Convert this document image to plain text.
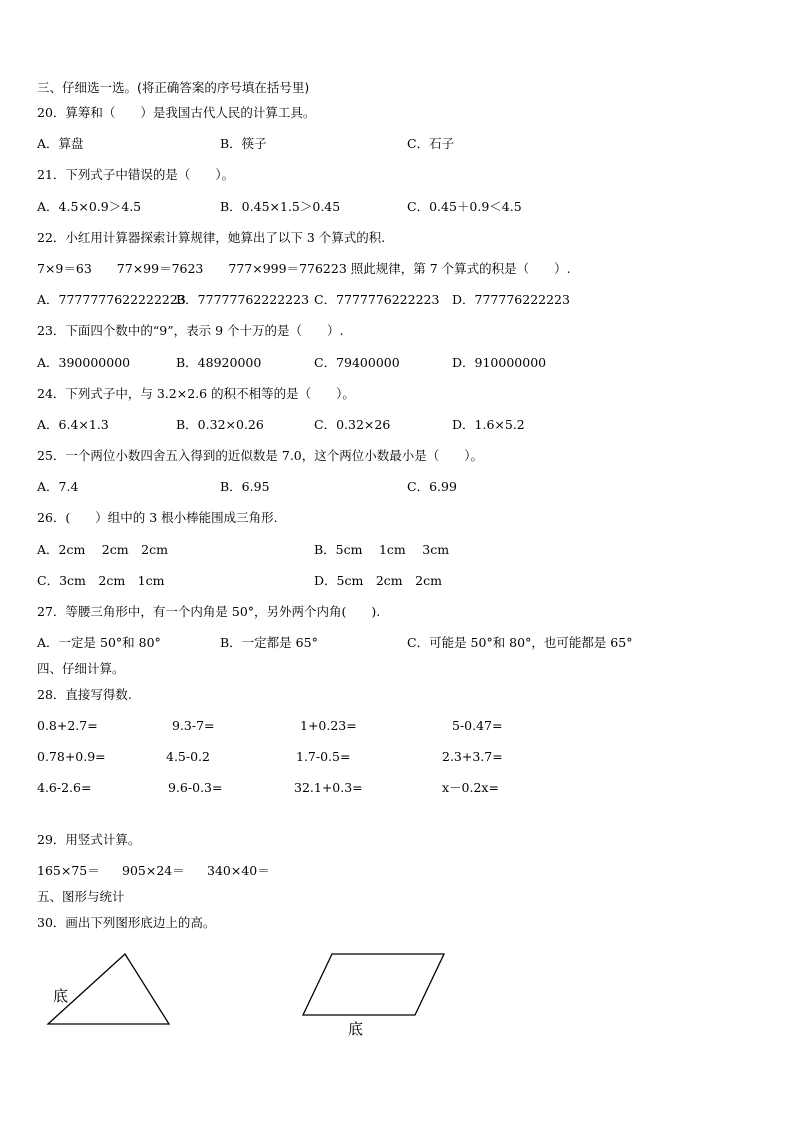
三、仔细选一选。(将正确答案的序号填在括号里)
20．算筹和（　　）是我国古代人民的计算工具。
A．算盘	B．筷子	C．石子
21．下列式子中错误的是（　　）。
A．4.5×0.9＞4.5	B．0.45×1.5＞0.45	C．0.45＋0.9＜4.5
22．小红用计算器探索计算规律，她算出了以下 3 个算式的积.
7×9＝63　　77×99＝7623　　777×999＝776223 照此规律，第 7 个算式的积是（　　）.
A．7777777622222223
B．77777762222223 C．7777776222223 D．777776222223
23．下面四个数中的“9”，表示 9 个十万的是（　　）.
A．390000000	B．48920000	C．79400000	D．910000000
24．下列式子中，与 3.2×2.6 的积不相等的是（　　）。
A．6.4×1.3	B．0.32×0.26	C．0.32×26	D．1.6×5.2
25．一个两位小数四舍五入得到的近似数是 7.0，这个两位小数最小是（　　）。
A．7.4	B．6.95	C．6.99
26．(　　）组中的 3 根小棒能围成三角形.
A．2cm　 2cm　2cm	B．5cm　 1cm　 3cm
C．3cm　2cm　1cm	D．5cm　2cm　2cm
27．等腰三角形中，有一个内角是 50°，另外两个内角(　　).
A．一定是 50°和 80°	B．一定都是 65°	C．可能是 50°和 80°，也可能都是 65°
四、仔细计算。
28．直接写得数.
0.8+2.7=	9.3-7=	1+0.23=	5-0.47=
0.78+0.9=	4.5-0.2	1.7-0.5=	2.3+3.7=
4.6-2.6=	9.6-0.3=	32.1+0.3=	x－0.2x=
29．用竖式计算。
165×75＝ 905×24＝ 340×40＝
五、图形与统计
30．画出下列图形底边上的高。
底
底
